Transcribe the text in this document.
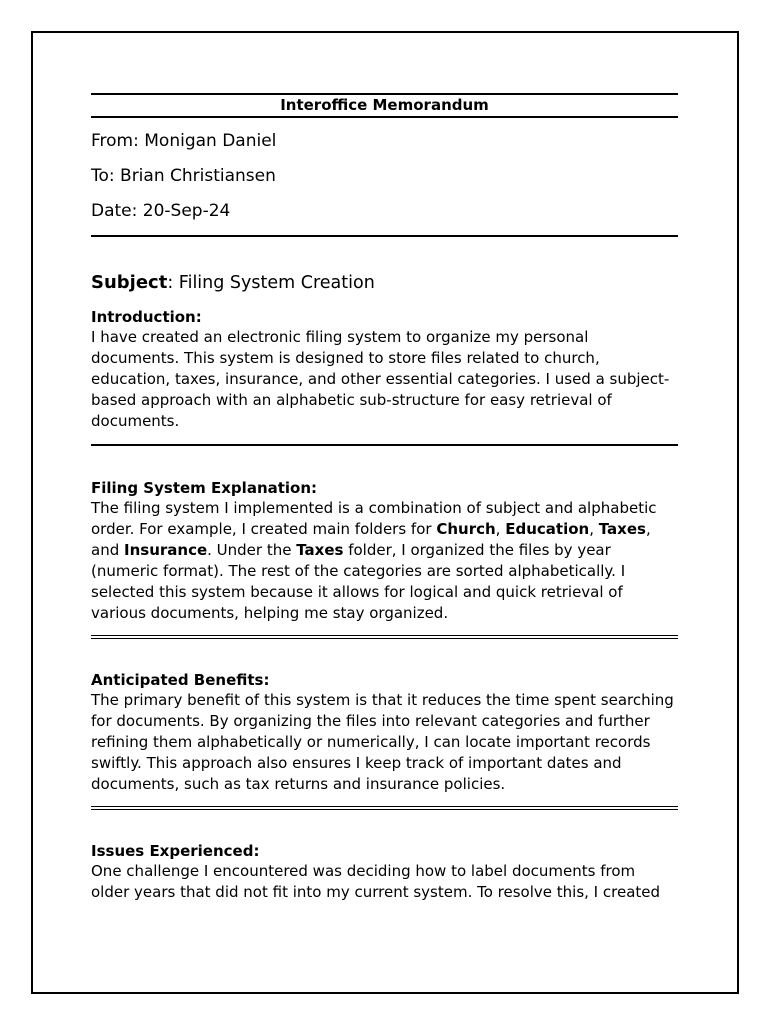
Interoffice Memorandum

From: Monigan Daniel

To: Brian Christiansen

Date: 20-Sep-24

Subject: Filing System Creation

Introduction:

I have created an electronic filing system to organize my personal documents. This system is designed to store files related to church, education, taxes, insurance, and other essential categories. I used a subject-based approach with an alphabetic sub-structure for easy retrieval of documents.

Filing System Explanation:

The filing system I implemented is a combination of subject and alphabetic order. For example, I created main folders for Church, Education, Taxes, and Insurance. Under the Taxes folder, I organized the files by year (numeric format). The rest of the categories are sorted alphabetically. I selected this system because it allows for logical and quick retrieval of various documents, helping me stay organized.

Anticipated Benefits:

The primary benefit of this system is that it reduces the time spent searching for documents. By organizing the files into relevant categories and further refining them alphabetically or numerically, I can locate important records swiftly. This approach also ensures I keep track of important dates and documents, such as tax returns and insurance policies.

Issues Experienced:

One challenge I encountered was deciding how to label documents from older years that did not fit into my current system. To resolve this, I created
